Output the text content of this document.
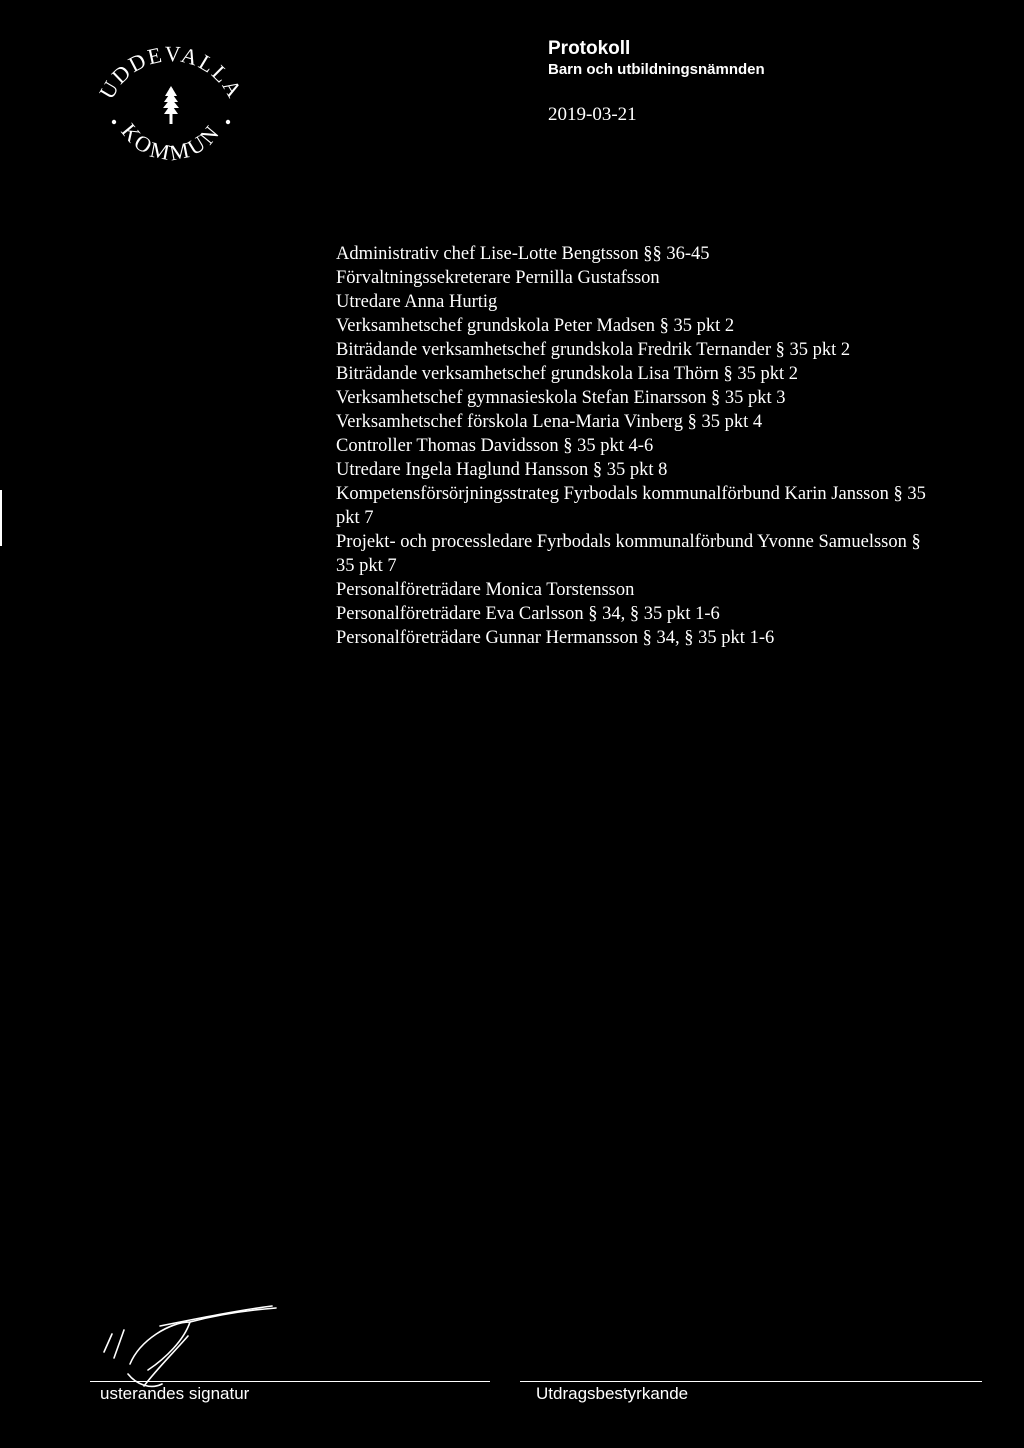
UDDEVALLA
KOMMUN

Protokoll

Barn och utbildningsnämnden

2019-03-21
Administrativ chef Lise-Lotte Bengtsson §§ 36-45
Förvaltningssekreterare Pernilla Gustafsson
Utredare Anna Hurtig
Verksamhetschef grundskola Peter Madsen § 35 pkt 2
Biträdande verksamhetschef grundskola Fredrik Ternander § 35 pkt 2
Biträdande verksamhetschef grundskola Lisa Thörn § 35 pkt 2
Verksamhetschef gymnasieskola Stefan Einarsson § 35 pkt 3
Verksamhetschef förskola Lena-Maria Vinberg § 35 pkt 4
Controller Thomas Davidsson § 35 pkt 4-6
Utredare Ingela Haglund Hansson § 35 pkt 8
Kompetensförsörjningsstrateg Fyrbodals kommunalförbund Karin Jansson § 35 pkt 7
Projekt- och processledare Fyrbodals kommunalförbund Yvonne Samuelsson § 35 pkt 7
Personalföreträdare Monica Torstensson
Personalföreträdare Eva Carlsson § 34, § 35 pkt 1-6
Personalföreträdare Gunnar Hermansson § 34, § 35 pkt 1-6
usterandes signatur	Utdragsbestyrkande
